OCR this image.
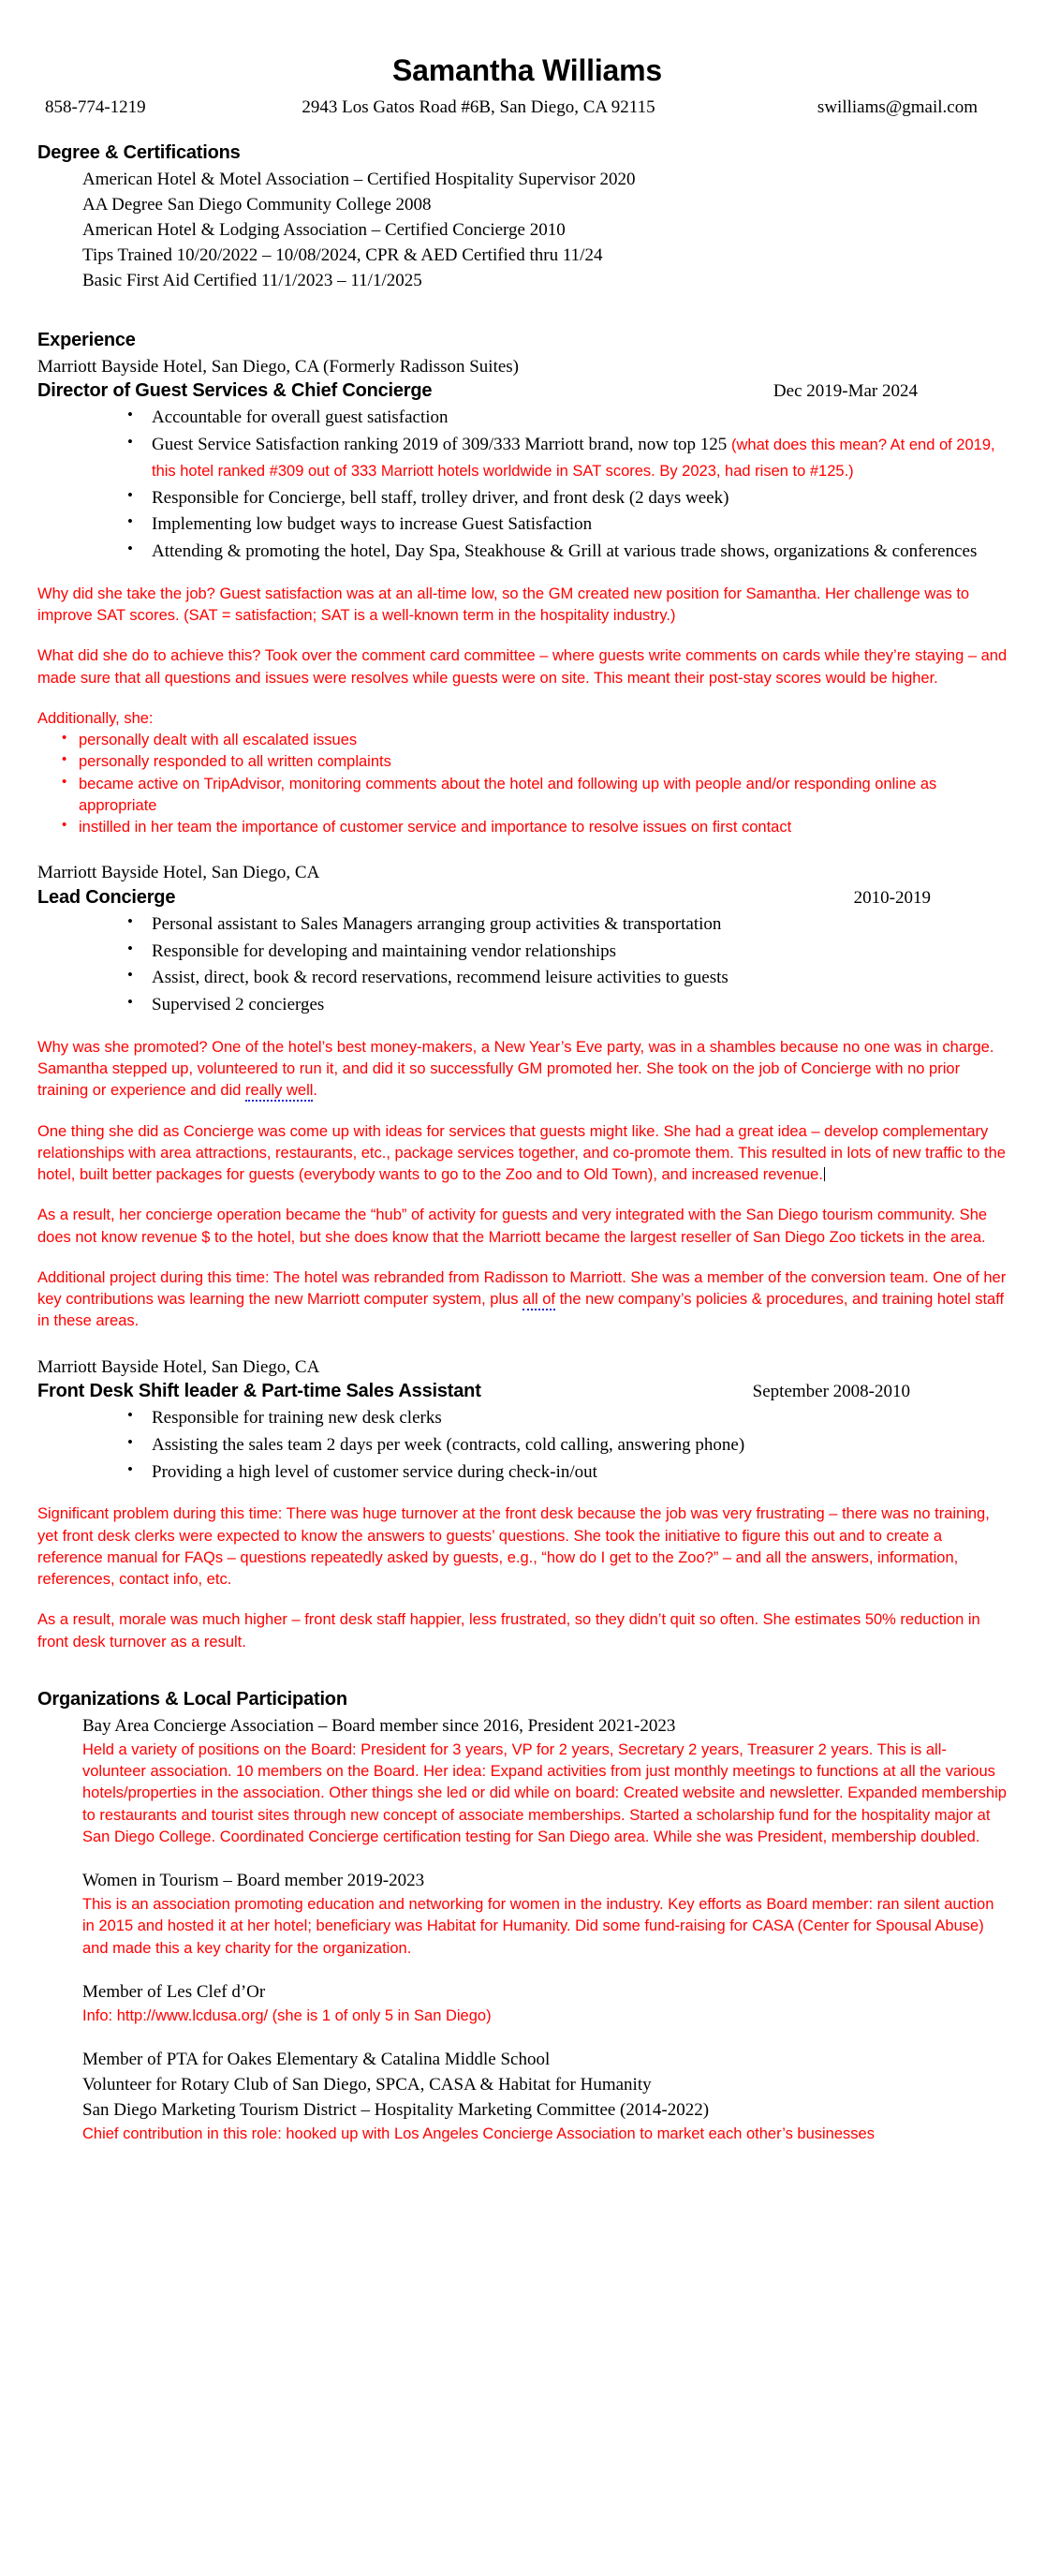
Samantha Williams
858-774-1219	2943 Los Gatos Road #6B, San Diego, CA 92115	swilliams@gmail.com
Degree & Certifications
American Hotel & Motel Association – Certified Hospitality Supervisor 2020
AA Degree San Diego Community College 2008
American Hotel & Lodging Association – Certified Concierge 2010
Tips Trained 10/20/2022 – 10/08/2024, CPR & AED Certified thru 11/24
Basic First Aid Certified 11/1/2023 – 11/1/2025
Experience
Marriott Bayside Hotel, San Diego, CA (Formerly Radisson Suites)
Director of Guest Services & Chief Concierge	Dec 2019-Mar 2024
• Accountable for overall guest satisfaction
• Guest Service Satisfaction ranking 2019 of 309/333 Marriott brand, now top 125 (what does this mean? At end of 2019, this hotel ranked #309 out of 333 Marriott hotels worldwide in SAT scores. By 2023, had risen to #125.)
• Responsible for Concierge, bell staff, trolley driver, and front desk (2 days week)
• Implementing low budget ways to increase Guest Satisfaction
• Attending & promoting the hotel, Day Spa, Steakhouse & Grill at various trade shows, organizations & conferences
Why did she take the job? Guest satisfaction was at an all-time low, so the GM created new position for Samantha. Her challenge was to improve SAT scores. (SAT = satisfaction; SAT is a well-known term in the hospitality industry.)
What did she do to achieve this? Took over the comment card committee – where guests write comments on cards while they’re staying – and made sure that all questions and issues were resolves while guests were on site. This meant their post-stay scores would be higher.
Additionally, she:
• personally dealt with all escalated issues
• personally responded to all written complaints
• became active on TripAdvisor, monitoring comments about the hotel and following up with people and/or responding online as appropriate
• instilled in her team the importance of customer service and importance to resolve issues on first contact
Marriott Bayside Hotel, San Diego, CA
Lead Concierge	2010-2019
• Personal assistant to Sales Managers arranging group activities & transportation
• Responsible for developing and maintaining vendor relationships
• Assist, direct, book & record reservations, recommend leisure activities to guests
• Supervised 2 concierges
Why was she promoted? One of the hotel’s best money-makers, a New Year’s Eve party, was in a shambles because no one was in charge. Samantha stepped up, volunteered to run it, and did it so successfully GM promoted her. She took on the job of Concierge with no prior training or experience and did really well.
One thing she did as Concierge was come up with ideas for services that guests might like. She had a great idea – develop complementary relationships with area attractions, restaurants, etc., package services together, and co-promote them. This resulted in lots of new traffic to the hotel, built better packages for guests (everybody wants to go to the Zoo and to Old Town), and increased revenue.
As a result, her concierge operation became the “hub” of activity for guests and very integrated with the San Diego tourism community. She does not know revenue $ to the hotel, but she does know that the Marriott became the largest reseller of San Diego Zoo tickets in the area.
Additional project during this time: The hotel was rebranded from Radisson to Marriott. She was a member of the conversion team. One of her key contributions was learning the new Marriott computer system, plus all of the new company’s policies & procedures, and training hotel staff in these areas.
Marriott Bayside Hotel, San Diego, CA
Front Desk Shift leader & Part-time Sales Assistant	September 2008-2010
• Responsible for training new desk clerks
• Assisting the sales team 2 days per week (contracts, cold calling, answering phone)
• Providing a high level of customer service during check-in/out
Significant problem during this time: There was huge turnover at the front desk because the job was very frustrating – there was no training, yet front desk clerks were expected to know the answers to guests’ questions. She took the initiative to figure this out and to create a reference manual for FAQs – questions repeatedly asked by guests, e.g., “how do I get to the Zoo?” – and all the answers, information, references, contact info, etc.
As a result, morale was much higher – front desk staff happier, less frustrated, so they didn’t quit so often. She estimates 50% reduction in front desk turnover as a result.
Organizations & Local Participation
Bay Area Concierge Association – Board member since 2016, President 2021-2023
Held a variety of positions on the Board: President for 3 years, VP for 2 years, Secretary 2 years, Treasurer 2 years. This is all-volunteer association. 10 members on the Board. Her idea: Expand activities from just monthly meetings to functions at all the various hotels/properties in the association. Other things she led or did while on board: Created website and newsletter. Expanded membership to restaurants and tourist sites through new concept of associate memberships. Started a scholarship fund for the hospitality major at San Diego College. Coordinated Concierge certification testing for San Diego area. While she was President, membership doubled.
Women in Tourism – Board member 2019-2023
This is an association promoting education and networking for women in the industry. Key efforts as Board member: ran silent auction in 2015 and hosted it at her hotel; beneficiary was Habitat for Humanity. Did some fund-raising for CASA (Center for Spousal Abuse) and made this a key charity for the organization.
Member of Les Clef d’Or
Info: http://www.lcdusa.org/ (she is 1 of only 5 in San Diego)
Member of PTA for Oakes Elementary & Catalina Middle School
Volunteer for Rotary Club of San Diego, SPCA, CASA & Habitat for Humanity
San Diego Marketing Tourism District – Hospitality Marketing Committee (2014-2022)
Chief contribution in this role: hooked up with Los Angeles Concierge Association to market each other’s businesses
